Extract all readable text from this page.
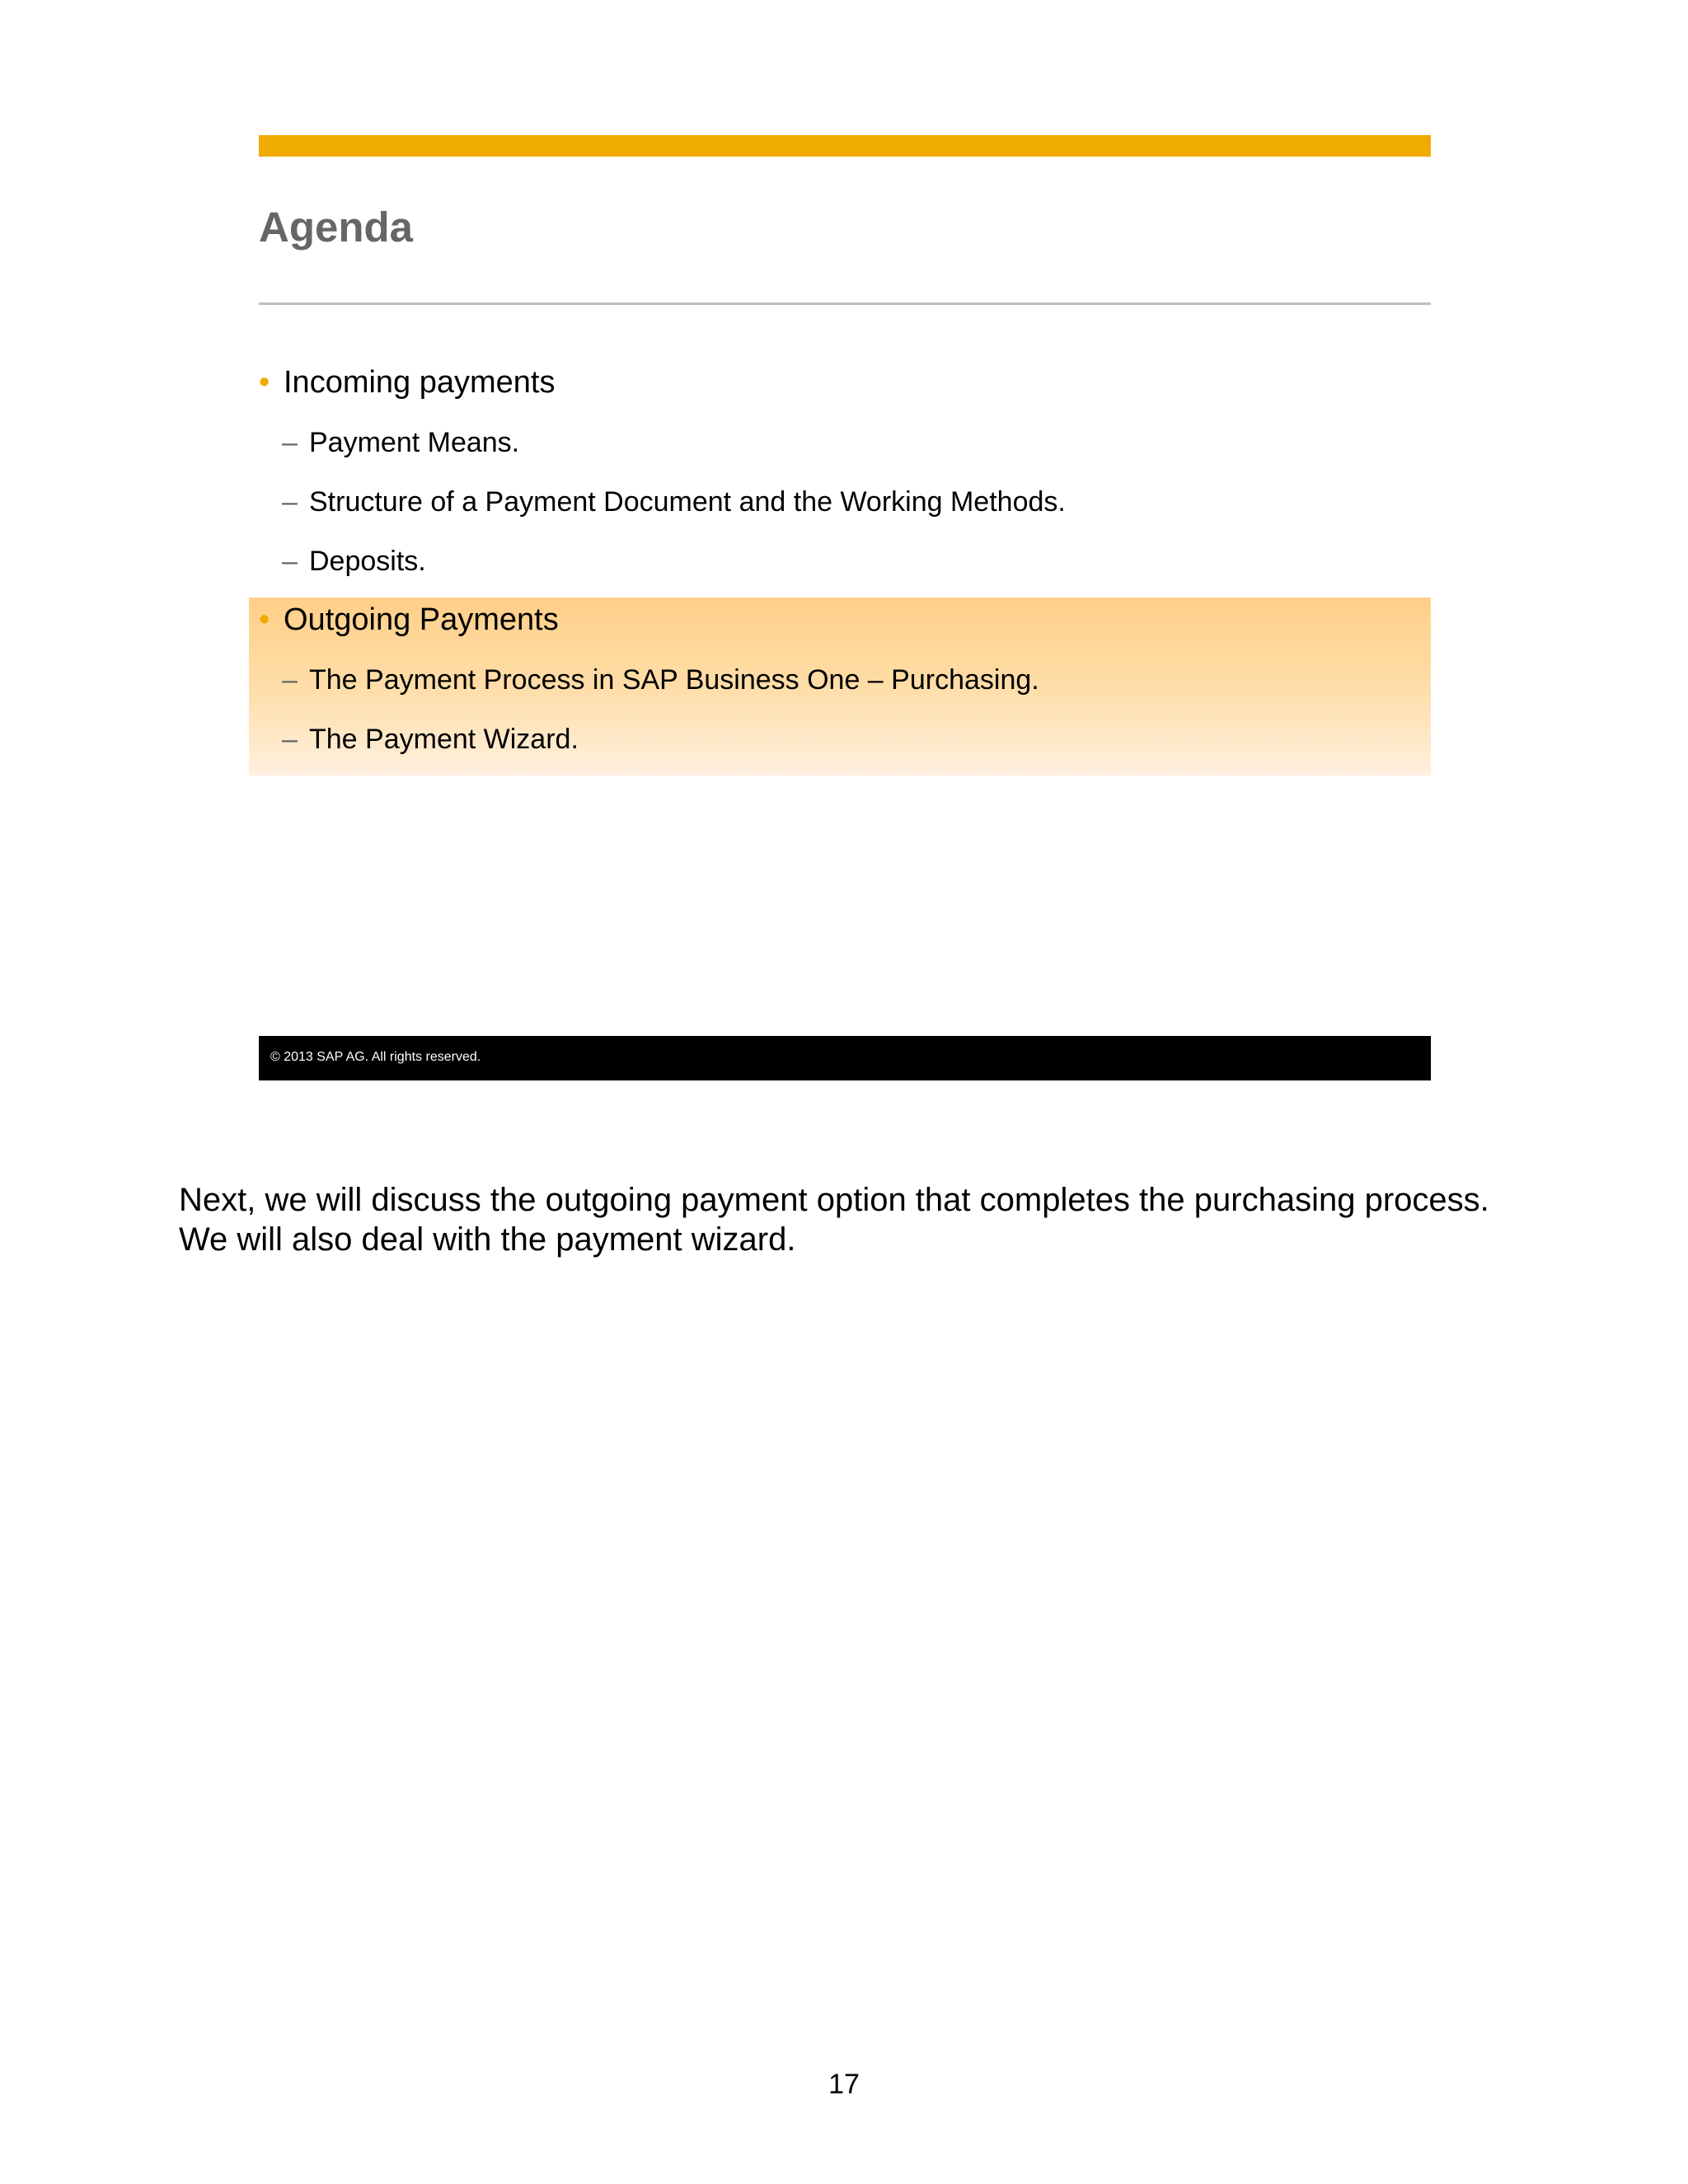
Agenda
• Incoming payments
– Payment Means.
– Structure of a Payment Document and the Working Methods.
– Deposits.
• Outgoing Payments
– The Payment Process in SAP Business One – Purchasing.
– The Payment Wizard.
© 2013 SAP AG. All rights reserved.

Next, we will discuss the outgoing payment option that completes the purchasing process.

We will also deal with the payment wizard.

17
